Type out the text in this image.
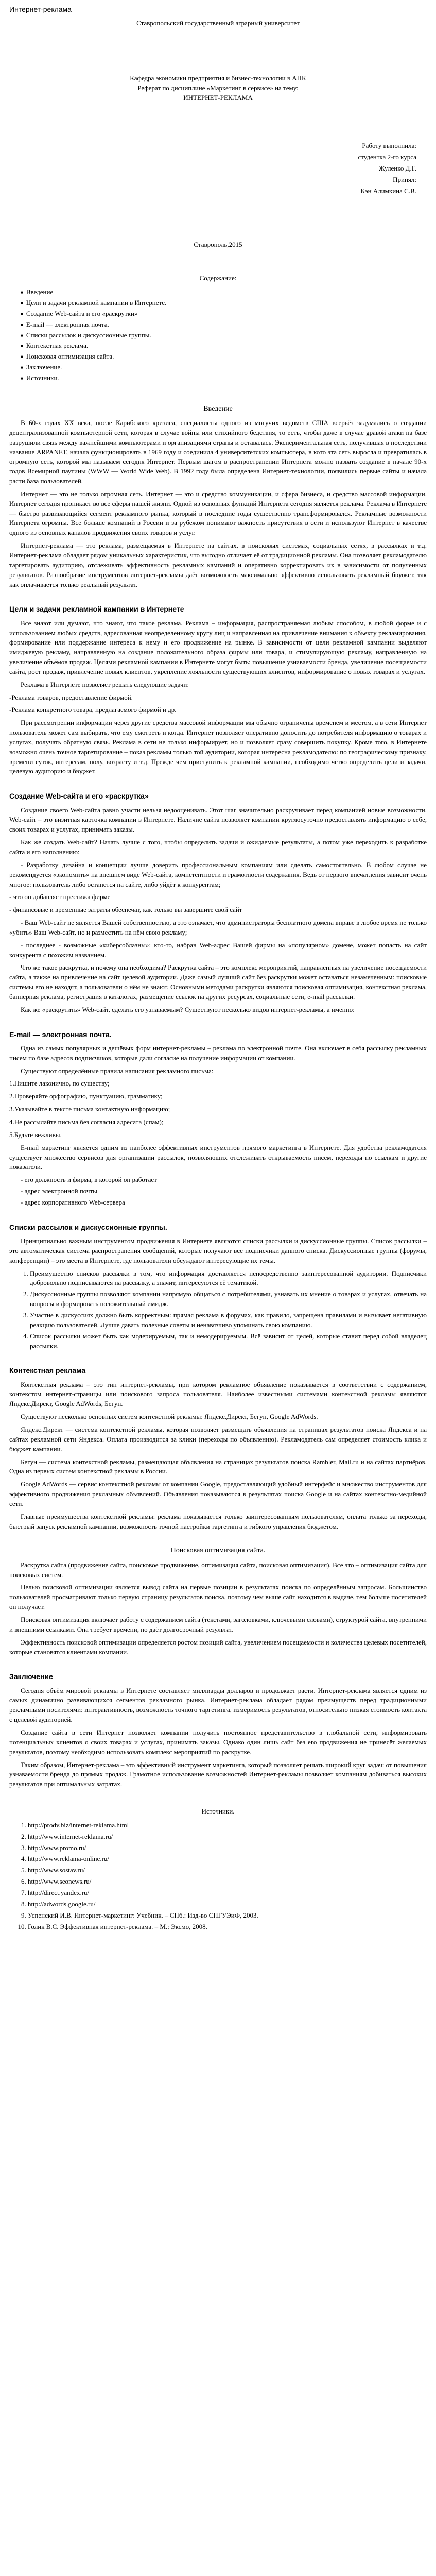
Интернет-реклама
Ставропольский государственный аграрный университет
Кафедра экономики предприятия и бизнес-технологии в АПК
Реферат по дисциплине «Маркетинг в сервисе» на тему:
ИНТЕРНЕТ-РЕКЛАМА
Работу выполнила:
студентка 2-го курса
Жуленко Д.Г.
Принял:
Кэн Алимкина С.В.
Ставрополь,2015
Содержание:
■ Введение
■ Цели и задачи рекламной кампании в Интернете.
■ Создание Web-сайта и его «раскрутки»
■ E-mail — электронная почта.
■ Списки рассылок и дискуссионные группы.
■ Контекстная реклама.
■ Поисковая оптимизация сайта.
■ Заключение.
■ Источники.
Введение

В 60-х годах XX века, после Карибского кризиса, специалисты одного из могучих ведомств США всерьёз задумались о создании децентрализованной компьютерной сети, которая в случае войны или стихийного бедствия, то есть, чтобы даже в случае gравой атаки на базе разрушили связь между важнейшими компьютерами и организациями страны и оставалась. Экспериментальная сеть, получившая в последствии название ARPANET, начала функционировать в 1969 году и соединила 4 университетских компьютера, в кото эта сеть выросла и превратилась в огромную сеть, которой мы называем сегодня Интернет. Первым шагом в распространении Интернета можно назвать создание в начале 90-х годов Всемирной паутины (WWW — World Wide Web). В 1992 году была определена Интернет-технологии, появились первые сайты и начала расти база пользователей.

Интернет — это не только огромная сеть. Интернет — это и средство коммуникации, и сфера бизнеса, и средство массовой информации. Интернет сегодня проникает во все сферы нашей жизни. Одной из основных функций Интернета сегодня является реклама. Реклама в Интернете — быстро развивающийся сегмент рекламного рынка, который в последние годы существенно трансформировался. Рекламные возможности Интернета огромны. Все больше компаний в России и за рубежом понимают важность присутствия в сети и используют Интернет в качестве одного из основных каналов продвижения своих товаров и услуг.

Интернет-реклама — это реклама, размещаемая в Интернете на сайтах, в поисковых системах, социальных сетях, в рассылках и т.д. Интернет-реклама обладает рядом уникальных характеристик, что выгодно отличает её от традиционной рекламы. Она позволяет рекламодателю таргетировать аудиторию, отслеживать эффективность рекламных кампаний и оперативно корректировать их в зависимости от полученных результатов. Разнообразие инструментов интернет-рекламы даёт возможность максимально эффективно использовать рекламный бюджет, так как оплачивается только реальный результат.

Цели и задачи рекламной кампании в Интернете

Все знают или думают, что знают, что такое реклама. Реклама – информация, распространяемая любым способом, в любой форме и с использованием любых средств, адресованная неопределенному кругу лиц и направленная на привлечение внимания к объекту рекламирования, формирование или поддержание интереса к нему и его продвижение на рынке. В зависимости от цели рекламной кампании выделяют имиджевую рекламу, направленную на создание положительного образа фирмы или товара, и стимулирующую рекламу, направленную на увеличение объёмов продаж. Целями рекламной кампании в Интернете могут быть: повышение узнаваемости бренда, увеличение посещаемости сайта, рост продаж, привлечение новых клиентов, укрепление лояльности существующих клиентов, информирование о новых товарах и услугах.

Реклама в Интернете позволяет решать следующие задачи:

-Реклама товаров, предоставление фирмой.

-Реклама конкретного товара, предлагаемого фирмой и др.

При рассмотрении информации через другие средства массовой информации мы обычно ограничены временем и местом, а в сети Интернет пользователь может сам выбирать, что ему смотреть и когда. Интернет позволяет оперативно доносить до потребителя информацию о товарах и услугах, получать обратную связь. Реклама в сети не только информирует, но и позволяет сразу совершить покупку. Кроме того, в Интернете возможно очень точное таргетирование – показ рекламы только той аудитории, которая интересна рекламодателю: по географическому признаку, времени суток, интересам, полу, возрасту и т.д. Прежде чем приступить к рекламной кампании, необходимо чётко определить цели и задачи, целевую аудиторию и бюджет.

Создание Web-сайта и его «раскрутка»

Создание своего Web-сайта равно участи нельзя недооценивать. Этот шаг значительно раскручивает перед компанией новые возможности. Web-сайт – это визитная карточка компании в Интернете. Наличие сайта позволяет компании круглосуточно предоставлять информацию о себе, своих товарах и услугах, принимать заказы.

Как же создать Web-сайт? Начать лучше с того, чтобы определить задачи и ожидаемые результаты, а потом уже переходить к разработке сайта и его наполнению:

- Разработку дизайна и концепции лучше доверить профессиональным компаниям или сделать самостоятельно. В любом случае не рекомендуется «экономить» на внешнем виде Web-сайта, компетентности и грамотности содержания. Ведь от первого впечатления зависит очень многое: пользователь либо останется на сайте, либо уйдёт к конкурентам;

- что он добавляет престижа фирме

- финансовые и временные затраты обеспечат, как только вы завершите свой сайт

- Ваш Web-сайт не является Вашей собственностью, а это означает, что администраторы бесплатного домена вправе в любое время не только «убить» Ваш Web-сайт, но и разместить на нём свою рекламу;

- последнее - возможные «киберсоблазны»: кто-то, набрав Web-адрес Вашей фирмы на «популярном» домене, может попасть на сайт конкурента с похожим названием.

Что же такое раскрутка, и почему она необходима? Раскрутка сайта – это комплекс мероприятий, направленных на увеличение посещаемости сайта, а также на привлечение на сайт целевой аудитории. Даже самый лучший сайт без раскрутки может оставаться незамеченным: поисковые системы его не находят, а пользователи о нём не знают. Основными методами раскрутки являются поисковая оптимизация, контекстная реклама, баннерная реклама, регистрация в каталогах, размещение ссылок на других ресурсах, социальные сети, e-mail рассылки.

Как же «раскрутить» Web-сайт, сделать его узнаваемым? Существуют несколько видов интернет-рекламы, а именно:

E-mail — электронная почта.

Одна из самых популярных и дешёвых форм интернет-рекламы – реклама по электронной почте. Она включает в себя рассылку рекламных писем по базе адресов подписчиков, которые дали согласие на получение информации от компании.

Существуют определённые правила написания рекламного письма:

1.Пишите лаконично, по существу;

2.Проверяйте орфографию, пунктуацию, грамматику;

3.Указывайте в тексте письма контактную информацию;

4.Не рассылайте письма без согласия адресата (спам);

5.Будьте вежливы.

E-mail маркетинг является одним из наиболее эффективных инструментов прямого маркетинга в Интернете. Для удобства рекламодателя существует множество сервисов для организации рассылок, позволяющих отслеживать открываемость писем, переходы по ссылкам и другие показатели.

- его должность и фирма, в которой он работает
- адрес электронной почты
- адрес корпоративного Web-сервера
Списки рассылок и дискуссионные группы.

Принципиально важным инструментом продвижения в Интернете являются списки рассылки и дискуссионные группы. Список рассылки – это автоматическая система распространения сообщений, которые получают все подписчики данного списка. Дискуссионные группы (форумы, конференции) – это места в Интернете, где пользователи обсуждают интересующие их темы.

1. Преимущество списков рассылки в том, что информация доставляется непосредственно заинтересованной аудитории. Подписчики добровольно подписываются на рассылку, а значит, интересуются её тематикой.
2. Дискуссионные группы позволяют компании напрямую общаться с потребителями, узнавать их мнение о товарах и услугах, отвечать на вопросы и формировать положительный имидж.
3. Участие в дискуссиях должно быть корректным: прямая реклама в форумах, как правило, запрещена правилами и вызывает негативную реакцию пользователей. Лучше давать полезные советы и ненавязчиво упоминать свою компанию.
4. Список рассылки может быть как модерируемым, так и немодерируемым. Всё зависит от целей, которые ставит перед собой владелец рассылки.
Контекстная реклама

Контекстная реклама – это тип интернет-рекламы, при котором рекламное объявление показывается в соответствии с содержанием, контекстом интернет-страницы или поискового запроса пользователя. Наиболее известными системами контекстной рекламы являются Яндекс.Директ, Google AdWords, Бегун.

Существуют несколько основных систем контекстной рекламы: Яндекс.Директ, Бегун, Google AdWords.

Яндекс.Директ — система контекстной рекламы, которая позволяет размещать объявления на страницах результатов поиска Яндекса и на сайтах рекламной сети Яндекса. Оплата производится за клики (переходы по объявлению). Рекламодатель сам определяет стоимость клика и бюджет кампании.

Бегун — система контекстной рекламы, размещающая объявления на страницах результатов поиска Rambler, Mail.ru и на сайтах партнёров. Одна из первых систем контекстной рекламы в России.

Google AdWords — сервис контекстной рекламы от компании Google, предоставляющий удобный интерфейс и множество инструментов для эффективного продвижения рекламных объявлений. Объявления показываются в результатах поиска Google и на сайтах контекстно-медийной сети.

Главные преимущества контекстной рекламы: реклама показывается только заинтересованным пользователям, оплата только за переходы, быстрый запуск рекламной кампании, возможность точной настройки таргетинга и гибкого управления бюджетом.

Поисковая оптимизация сайта.

Раскрутка сайта (продвижение сайта, поисковое продвижение, оптимизация сайта, поисковая оптимизация). Все это – оптимизация сайта для поисковых систем.

Целью поисковой оптимизации является вывод сайта на первые позиции в результатах поиска по определённым запросам. Большинство пользователей просматривают только первую страницу результатов поиска, поэтому чем выше сайт находится в выдаче, тем больше посетителей он получает.

Поисковая оптимизация включает работу с содержанием сайта (текстами, заголовками, ключевыми словами), структурой сайта, внутренними и внешними ссылками. Она требует времени, но даёт долгосрочный результат.

Эффективность поисковой оптимизации определяется ростом позиций сайта, увеличением посещаемости и количества целевых посетителей, которые становятся клиентами компании.

Заключение

Сегодня объём мировой рекламы в Интернете составляет миллиарды долларов и продолжает расти. Интернет-реклама является одним из самых динамично развивающихся сегментов рекламного рынка. Интернет-реклама обладает рядом преимуществ перед традиционными рекламными носителями: интерактивность, возможность точного таргетинга, измеримость результатов, относительно низкая стоимость контакта с целевой аудиторией.

Создание сайта в сети Интернет позволяет компании получить постоянное представительство в глобальной сети, информировать потенциальных клиентов о своих товарах и услугах, принимать заказы. Однако один лишь сайт без его продвижения не принесёт желаемых результатов, поэтому необходимо использовать комплекс мероприятий по раскрутке.

Таким образом, Интернет-реклама – это эффективный инструмент маркетинга, который позволяет решать широкий круг задач: от повышения узнаваемости бренда до прямых продаж. Грамотное использование возможностей Интернет-рекламы позволяет компаниям добиваться высоких результатов при оптимальных затратах.

Источники.
1. http://prodv.biz/internet-reklama.html
2. http://www.internet-reklama.ru/
3. http://www.promo.ru/
4. http://www.reklama-online.ru/
5. http://www.sostav.ru/
6. http://www.seonews.ru/
7. http://direct.yandex.ru/
8. http://adwords.google.ru/
9. Успенский И.В. Интернет-маркетинг: Учебник. – СПб.: Изд-во СПГУЭиФ, 2003.
10. Голик В.С. Эффективная интернет-реклама. – М.: Эксмо, 2008.
